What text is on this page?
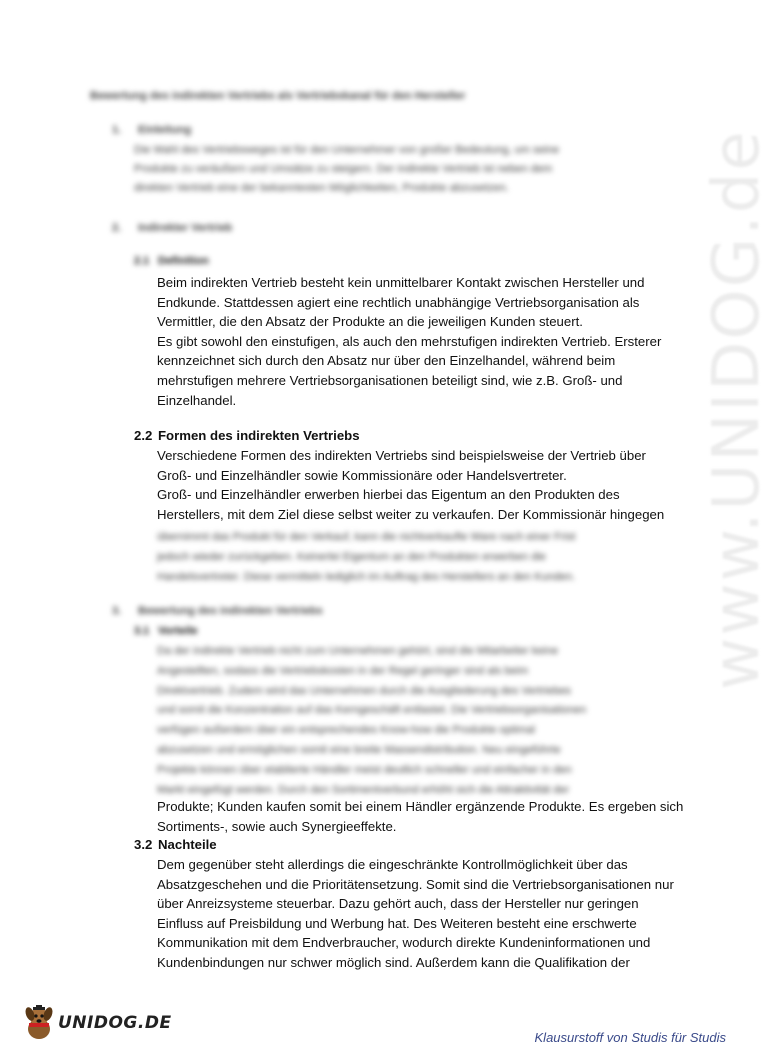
www.UNIDOG.de
Bewertung des indirekten Vertriebs als Vertriebskanal für den Hersteller
1. Einleitung
Die Wahl des Vertriebsweges ist für den Unternehmer von großer Bedeutung, um seine
Produkte zu veräußern und Umsätze zu steigern. Der indirekte Vertrieb ist neben dem
direkten Vertrieb eine der bekanntesten Möglichkeiten, Produkte abzusetzen.
2. Indirekter Vertrieb
2.1 Definition
Beim indirekten Vertrieb besteht kein unmittelbarer Kontakt zwischen Hersteller und
Endkunde. Stattdessen agiert eine rechtlich unabhängige Vertriebsorganisation als
Vermittler, die den Absatz der Produkte an die jeweiligen Kunden steuert.
Es gibt sowohl den einstufigen, als auch den mehrstufigen indirekten Vertrieb. Ersterer
kennzeichnet sich durch den Absatz nur über den Einzelhandel, während beim
mehrstufigen mehrere Vertriebsorganisationen beteiligt sind, wie z.B. Groß- und
Einzelhandel.
2.2 Formen des indirekten Vertriebs
Verschiedene Formen des indirekten Vertriebs sind beispielsweise der Vertrieb über
Groß- und Einzelhändler sowie Kommissionäre oder Handelsvertreter.
Groß- und Einzelhändler erwerben hierbei das Eigentum an den Produkten des
Herstellers, mit dem Ziel diese selbst weiter zu verkaufen. Der Kommissionär hingegen
übernimmt das Produkt für den Verkauf, kann die nichtverkaufte Ware nach einer Frist
jedoch wieder zurückgeben. Keinerlei Eigentum an den Produkten erwerben die
Handelsvertreter. Diese vermitteln lediglich im Auftrag des Herstellers an den Kunden.
3. Bewertung des indirekten Vertriebs
3.1 Vorteile
Da der indirekte Vertrieb nicht zum Unternehmen gehört, sind die Mitarbeiter keine
Angestellten, sodass die Vertriebskosten in der Regel geringer sind als beim
Direktvertrieb. Zudem wird das Unternehmen durch die Ausgliederung des Vertriebes
und somit die Konzentration auf das Kerngeschäft entlastet. Die Vertriebsorganisationen
verfügen außerdem über ein entsprechendes Know-how die Produkte optimal
abzusetzen und ermöglichen somit eine breite Massendistribution. Neu eingeführte
Projekte können über etablierte Händler meist deutlich schneller und einfacher in den
Markt eingefügt werden. Durch den Sortimentverbund erhöht sich die Attraktivität der
Produkte; Kunden kaufen somit bei einem Händler ergänzende Produkte. Es ergeben sich
Sortiments-, sowie auch Synergieeffekte.
3.2 Nachteile
Dem gegenüber steht allerdings die eingeschränkte Kontrollmöglichkeit über das
Absatzgeschehen und die Prioritätensetzung. Somit sind die Vertriebsorganisationen nur
über Anreizsysteme steuerbar. Dazu gehört auch, dass der Hersteller nur geringen
Einfluss auf Preisbildung und Werbung hat. Des Weiteren besteht eine erschwerte
Kommunikation mit dem Endverbraucher, wodurch direkte Kundeninformationen und
Kundenbindungen nur schwer möglich sind. Außerdem kann die Qualifikation der
UNIDOG.DE
Klausurstoff von Studis für Studis
